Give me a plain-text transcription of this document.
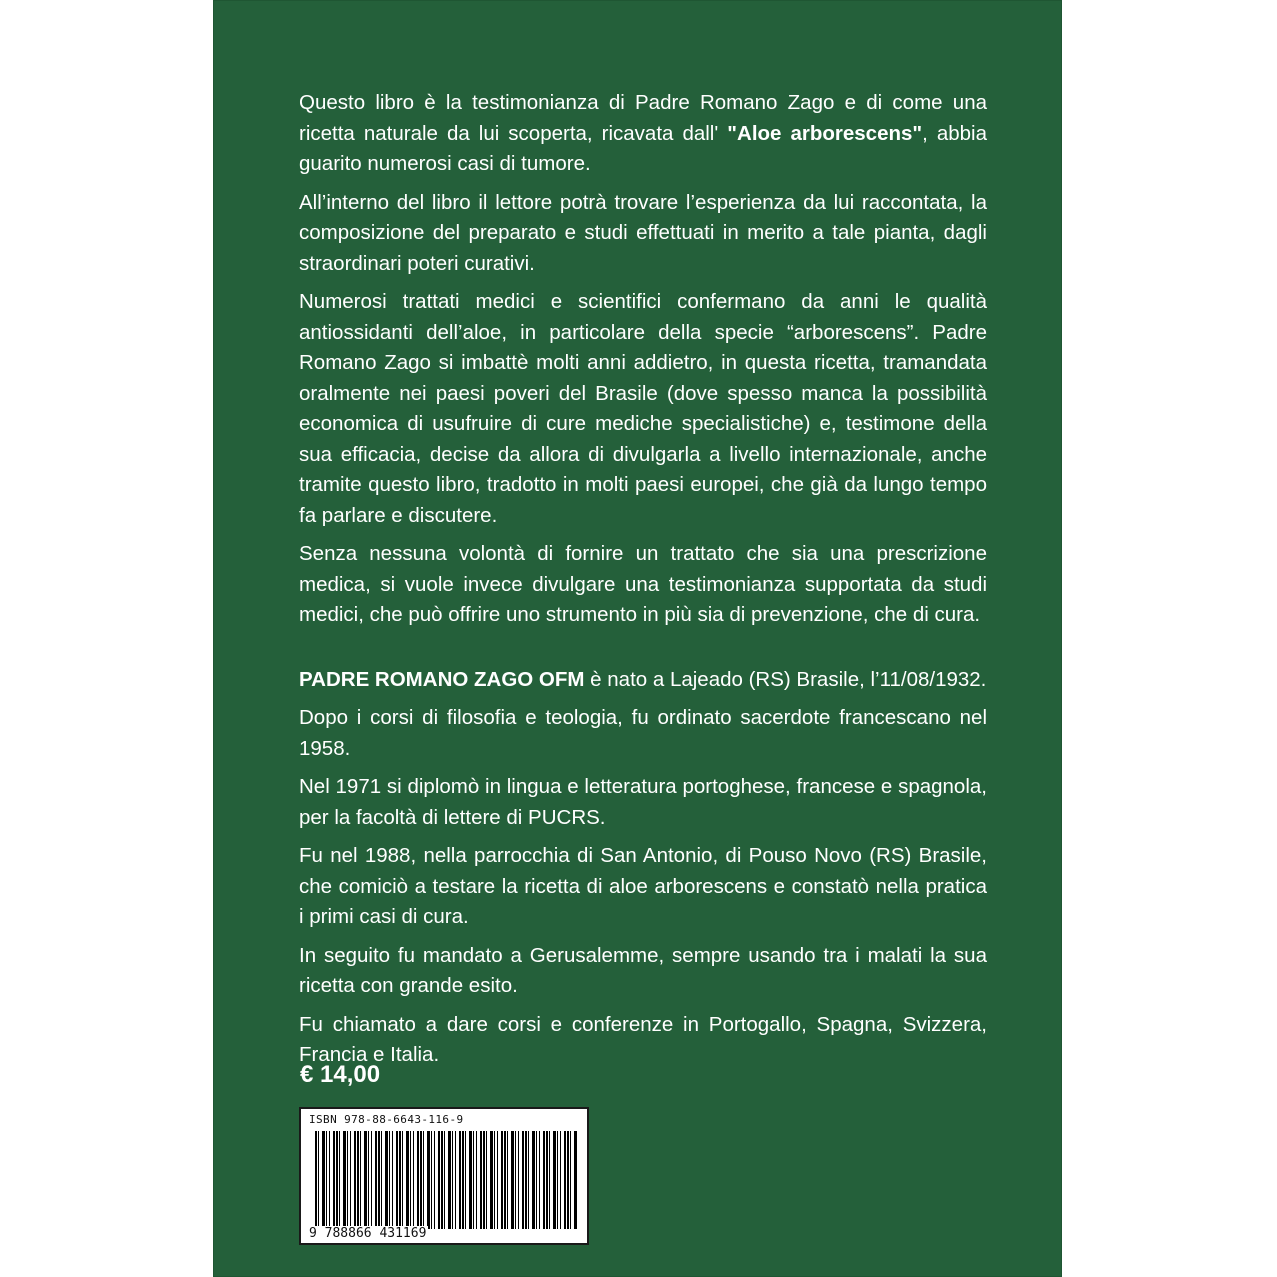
Questo libro è la testimonianza di Padre Romano Zago e di come una ricetta naturale da lui scoperta, ricavata dall' "Aloe arborescens", abbia guarito numerosi casi di tumore.

All’interno del libro il lettore potrà trovare l’esperienza da lui raccontata, la composizione del preparato e studi effettuati in merito a tale pianta, dagli straordinari poteri curativi.

Numerosi trattati medici e scientifici confermano da anni le qualità antiossidanti dell’aloe, in particolare della specie “arborescens”. Padre Romano Zago si imbattè molti anni addietro, in questa ricetta, tramandata oralmente nei paesi poveri del Brasile (dove spesso manca la possibilità economica di usufruire di cure mediche specialistiche) e, testimone della sua efficacia, decise da allora di divulgarla a livello internazionale, anche tramite questo libro, tradotto in molti paesi europei, che già da lungo tempo fa parlare e discutere.

Senza nessuna volontà di fornire un trattato che sia una prescrizione medica, si vuole invece divulgare una testimonianza supportata da studi medici, che può offrire uno strumento in più sia di prevenzione, che di cura.

PADRE ROMANO ZAGO OFM è nato a Lajeado (RS) Brasile, l’11/08/1932.

Dopo i corsi di filosofia e teologia, fu ordinato sacerdote francescano nel 1958.

Nel 1971 si diplomò in lingua e letteratura portoghese, francese e spagnola, per la facoltà di lettere di PUCRS.

Fu nel 1988, nella parrocchia di San Antonio, di Pouso Novo (RS) Brasile, che comiciò a testare la ricetta di aloe arborescens e constatò nella pratica i primi casi di cura.

In seguito fu mandato a Gerusalemme, sempre usando tra i malati la sua ricetta con grande esito.

Fu chiamato a dare corsi e conferenze in Portogallo, Spagna, Svizzera, Francia e Italia.

€ 14,00
ISBN 978-88-6643-116-9
9 788866 431169
